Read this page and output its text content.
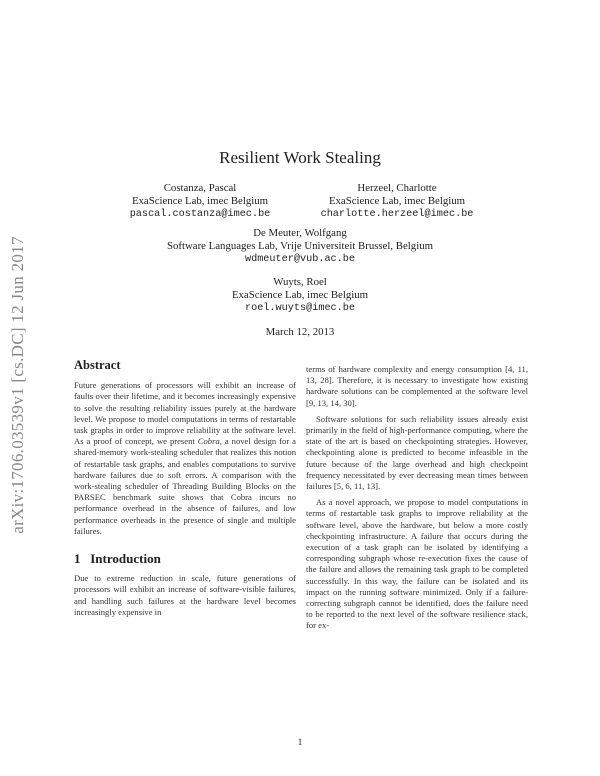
arXiv:1706.03539v1 [cs.DC] 12 Jun 2017
Resilient Work Stealing
Costanza, Pascal
ExaScience Lab, imec Belgium
pascal.costanza@imec.be
Herzeel, Charlotte
ExaScience Lab, imec Belgium
charlotte.herzeel@imec.be
De Meuter, Wolfgang
Software Languages Lab, Vrije Universiteit Brussel, Belgium
wdmeuter@vub.ac.be
Wuyts, Roel
ExaScience Lab, imec Belgium
roel.wuyts@imec.be
March 12, 2013
Abstract

Future generations of processors will exhibit an increase of faults over their lifetime, and it becomes increasingly expensive to solve the resulting reliability issues purely at the hardware level. We propose to model computations in terms of restartable task graphs in order to improve reliability at the software level. As a proof of concept, we present Cobra, a novel design for a shared-memory work-stealing scheduler that realizes this notion of restartable task graphs, and enables computations to survive hardware failures due to soft errors. A comparison with the work-stealing scheduler of Threading Building Blocks on the PARSEC benchmark suite shows that Cobra incurs no performance overhead in the absence of failures, and low performance overheads in the presence of single and multiple failures.

1 Introduction

Due to extreme reduction in scale, future generations of processors will exhibit an increase of software-visible failures, and handling such failures at the hardware level becomes increasingly expensive in

terms of hardware complexity and energy consumption [4, 11, 13, 28]. Therefore, it is necessary to investigate how existing hardware solutions can be complemented at the software level [9, 13, 14, 30].

Software solutions for such reliability issues already exist primarily in the field of high-performance computing, where the state of the art is based on checkpointing strategies. However, checkpointing alone is predicted to become infeasible in the future because of the large overhead and high checkpoint frequency necessitated by ever decreasing mean times between failures [5, 6, 11, 13].

As a novel approach, we propose to model computations in terms of restartable task graphs to improve reliability at the software level, above the hardware, but below a more costly checkpointing infrastructure. A failure that occurs during the execution of a task graph can be isolated by identifying a corresponding subgraph whose re-execution fixes the cause of the failure and allows the remaining task graph to be completed successfully. In this way, the failure can be isolated and its impact on the running software minimized. Only if a failure-correcting subgraph cannot be identified, does the failure need to be reported to the next level of the software resilience stack, for ex-

1
